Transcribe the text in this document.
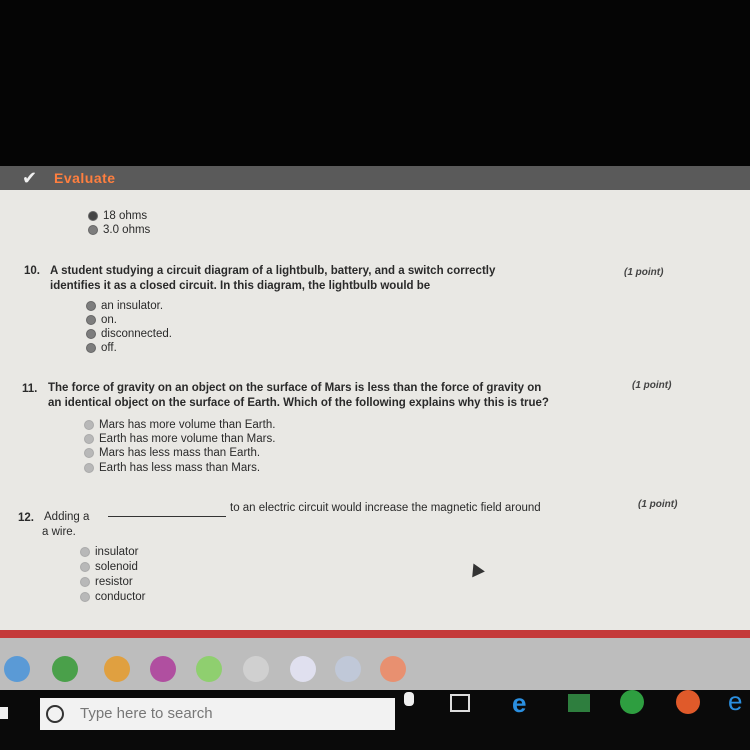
✔ Evaluate
18 ohms
3.0 ohms
10. A student studying a circuit diagram of a lightbulb, battery, and a switch correctly
identifies it as a closed circuit. In this diagram, the lightbulb would be
(1 point)
an insulator.
on.
disconnected.
off.
11. The force of gravity on an object on the surface of Mars is less than the force of gravity on
an identical object on the surface of Earth. Which of the following explains why this is true?
(1 point)
Mars has more volume than Earth.
Earth has more volume than Mars.
Mars has less mass than Earth.
Earth has less mass than Mars.
12. Adding a
to an electric circuit would increase the magnetic field around
a wire.
(1 point)
insulator
solenoid
resistor
conductor
Type here to search	e	e
